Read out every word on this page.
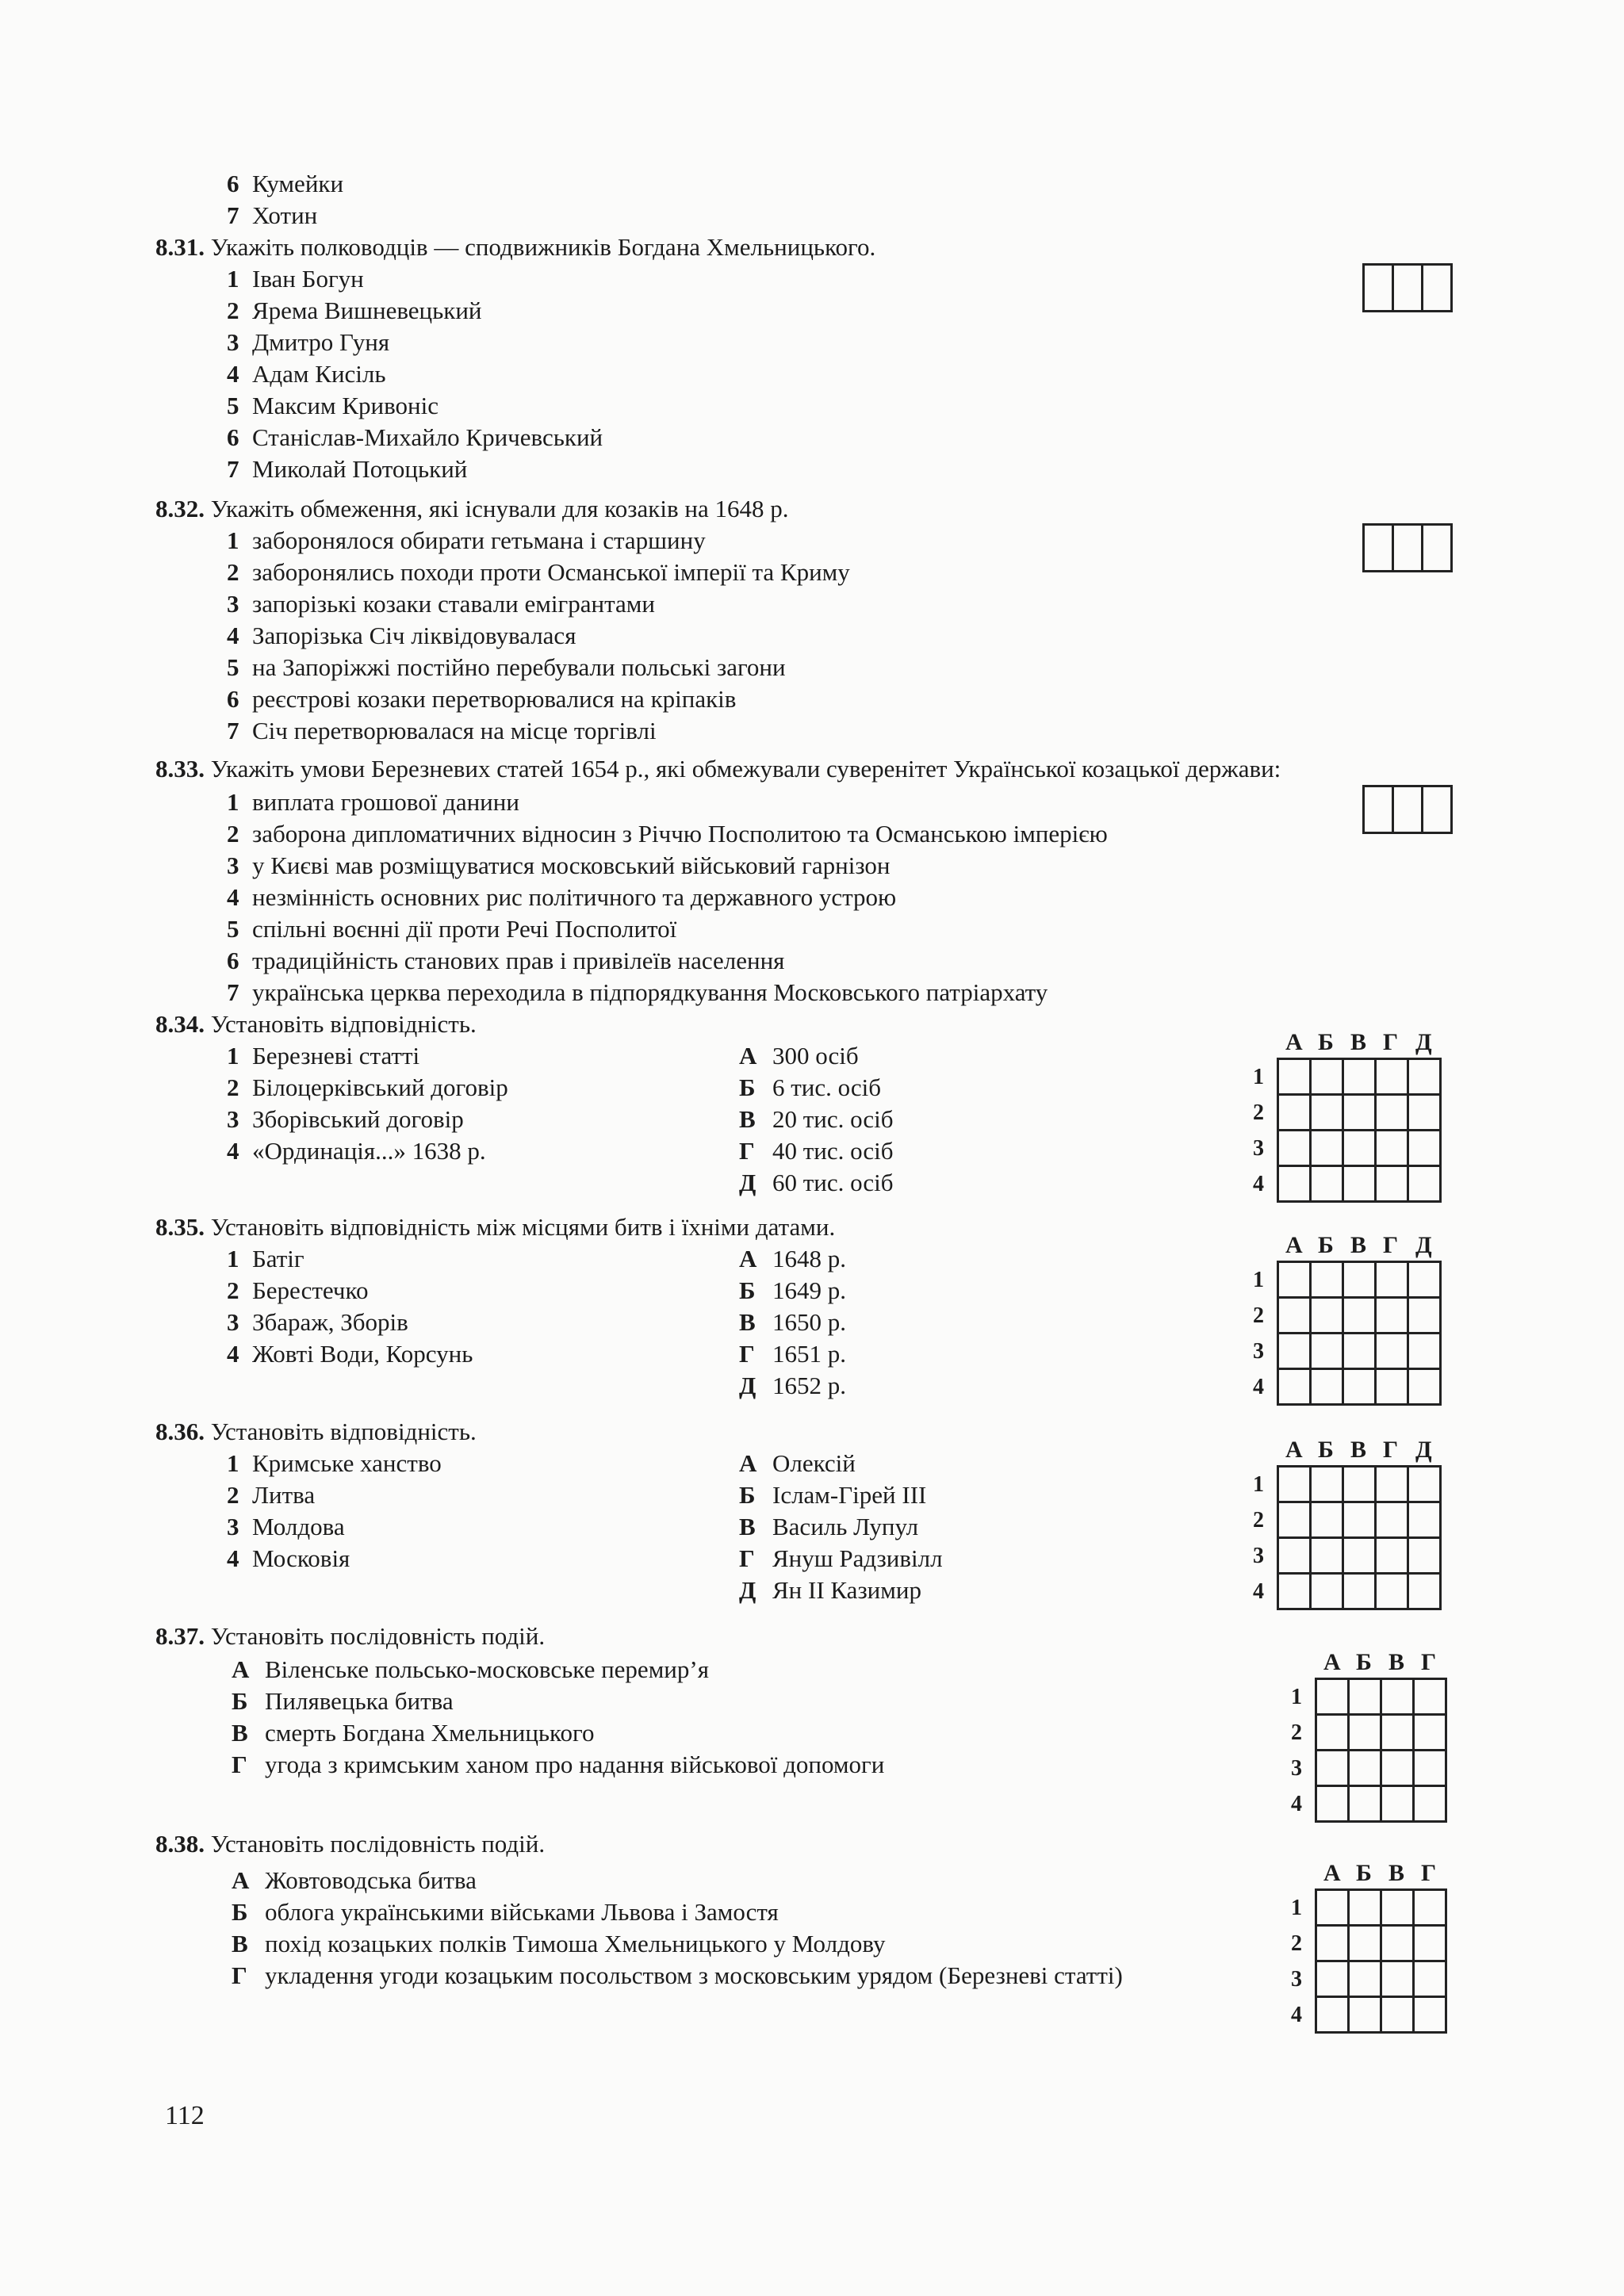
6 Кумейки
7 Хотин
8.31. Укажіть полководців — сподвижників Богдана Хмельницького.
1 Іван Богун
2 Ярема Вишневецький
3 Дмитро Гуня
4 Адам Кисіль
5 Максим Кривоніс
6 Станіслав-Михайло Кричевський
7 Миколай Потоцький
8.32. Укажіть обмеження, які існували для козаків на 1648 р.
1 заборонялося обирати гетьмана і старшину
2 заборонялись походи проти Османської імперії та Криму
3 запорізькі козаки ставали емігрантами
4 Запорізька Січ ліквідовувалася
5 на Запоріжжі постійно перебували польські загони
6 реєстрові козаки перетворювалися на кріпаків
7 Січ перетворювалася на місце торгівлі
8.33. Укажіть умови Березневих статей 1654 р., які обмежували суверенітет Української козацької держави:
1 виплата грошової данини
2 заборона дипломатичних відносин з Річчю Посполитою та Османською імперією
3 у Києві мав розміщуватися московський військовий гарнізон
4 незмінність основних рис політичного та державного устрою
5 спільні воєнні дії проти Речі Посполитої
6 традиційність станових прав і привілеїв населення
7 українська церква переходила в підпорядкування Московського патріархату
8.34. Установіть відповідність.
1 Березневі статті
2 Білоцерківський договір
3 Зборівський договір
4 «Ординація...» 1638 р.
А 300 осіб
Б 6 тис. осіб
В 20 тис. осіб
Г 40 тис. осіб
Д 60 тис. осіб
А Б В Г Д
1
2
3
4
8.35. Установіть відповідність між місцями битв і їхніми датами.
1 Батіг
2 Берестечко
3 Збараж, Зборів
4 Жовті Води, Корсунь
А 1648 р.
Б 1649 р.
В 1650 р.
Г 1651 р.
Д 1652 р.
А Б В Г Д
1
2
3
4
8.36. Установіть відповідність.
1 Кримське ханство
2 Литва
3 Молдова
4 Московія
А Олексій
Б Іслам-Гірей ІІІ
В Василь Лупул
Г Януш Радзивілл
Д Ян ІІ Казимир
А Б В Г Д
1
2
3
4
8.37. Установіть послідовність подій.
А Віленське польсько-московське перемир’я
Б Пилявецька битва
В смерть Богдана Хмельницького
Г угода з кримським ханом про надання військової допомоги
А Б В Г
1
2
3
4
8.38. Установіть послідовність подій.
А Жовтоводська битва
Б облога українськими військами Львова і Замостя
В похід козацьких полків Тимоша Хмельницького у Молдову
Г укладення угоди козацьким посольством з московським урядом (Березневі статті)
А Б В Г
1
2
3
4
112
